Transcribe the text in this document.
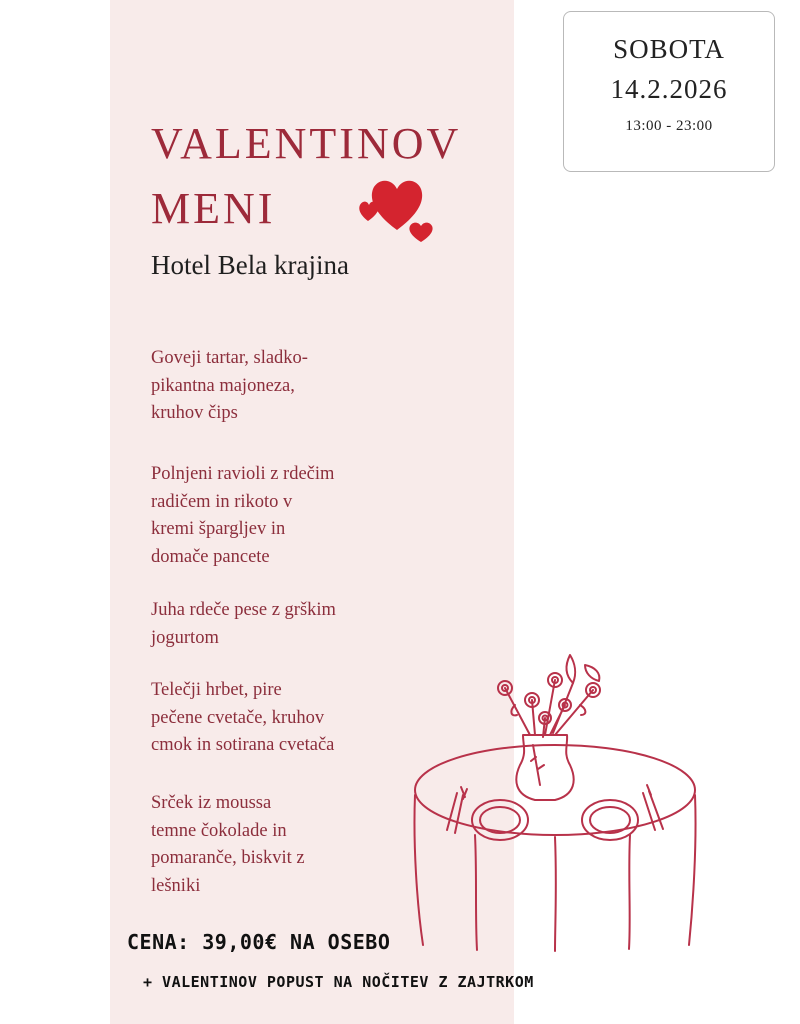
SOBOTA
14.2.2026
13:00 - 23:00
VALENTINOV
MENI
Hotel Bela krajina
Goveji tartar, sladko-
pikantna majoneza,
kruhov čips
Polnjeni ravioli z rdečim
radičem in rikoto v
kremi špargljev in
domače pancete
Juha rdeče pese z grškim
jogurtom
Telečji hrbet, pire
pečene cvetače, kruhov
cmok in sotirana cvetača
Srček iz moussa
temne čokolade in
pomaranče, biskvit z
lešniki
CENA: 39,00€ NA OSEBO
+ VALENTINOV POPUST NA NOČITEV Z ZAJTRKOM
